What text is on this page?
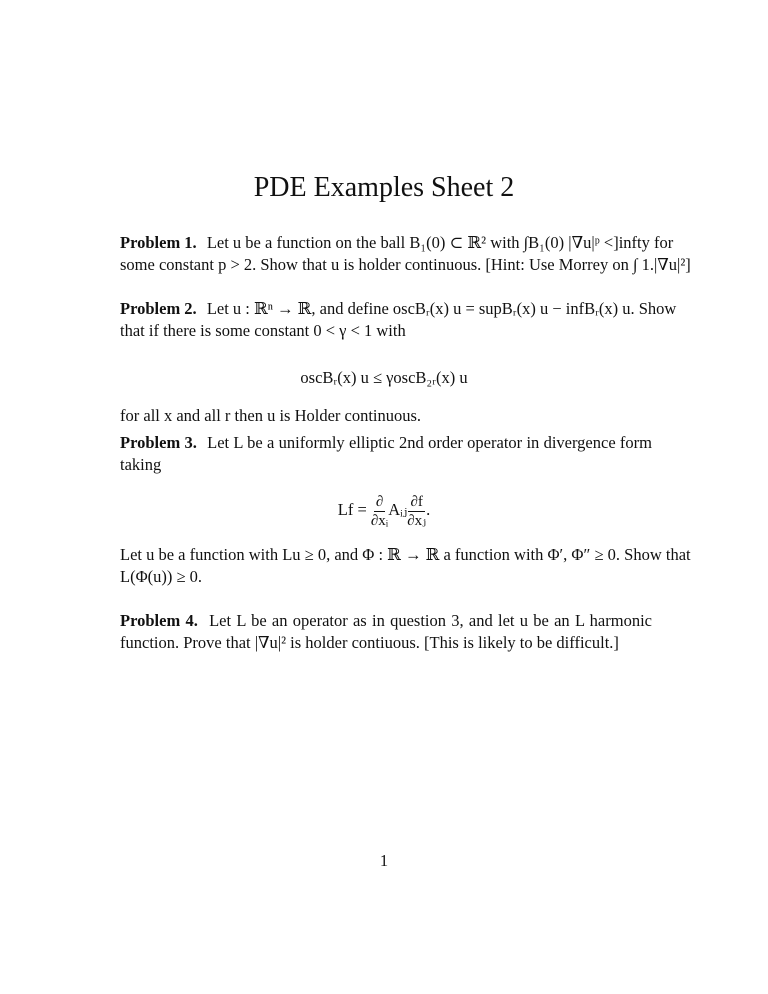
PDE Examples Sheet 2
Problem 1. Let u be a function on the ball B₁(0) ⊂ ℝ² with ∫B₁(0) |∇u|ᵖ <]infty for
some constant p > 2. Show that u is holder continuous. [Hint: Use Morrey on ∫ 1.|∇u|²]
Problem 2. Let u : ℝⁿ → ℝ, and define oscBᵣ(x) u = supBᵣ(x) u − infBᵣ(x) u. Show
that if there is some constant 0 < γ < 1 with
oscBᵣ(x) u ≤ γoscB₂ᵣ(x) u
for all x and all r then u is Holder continuous.
Problem 3. Let L be a uniformly elliptic 2nd order operator in divergence form
taking
$Lf = \frac{\partial}{\text{∂xᵢ}}$ Aᵢⱼ $\frac{\partial f}{\text{∂xⱼ}}$ .
Let u be a function with Lu ≥ 0, and Φ : ℝ → ℝ a function with Φ′, Φ″ ≥ 0. Show that
L(Φ(u)) ≥ 0.
Problem 4. Let L be an operator as in question 3, and let u be an L harmonic
function. Prove that |∇u|² is holder contiuous. [This is likely to be difficult.]
1
